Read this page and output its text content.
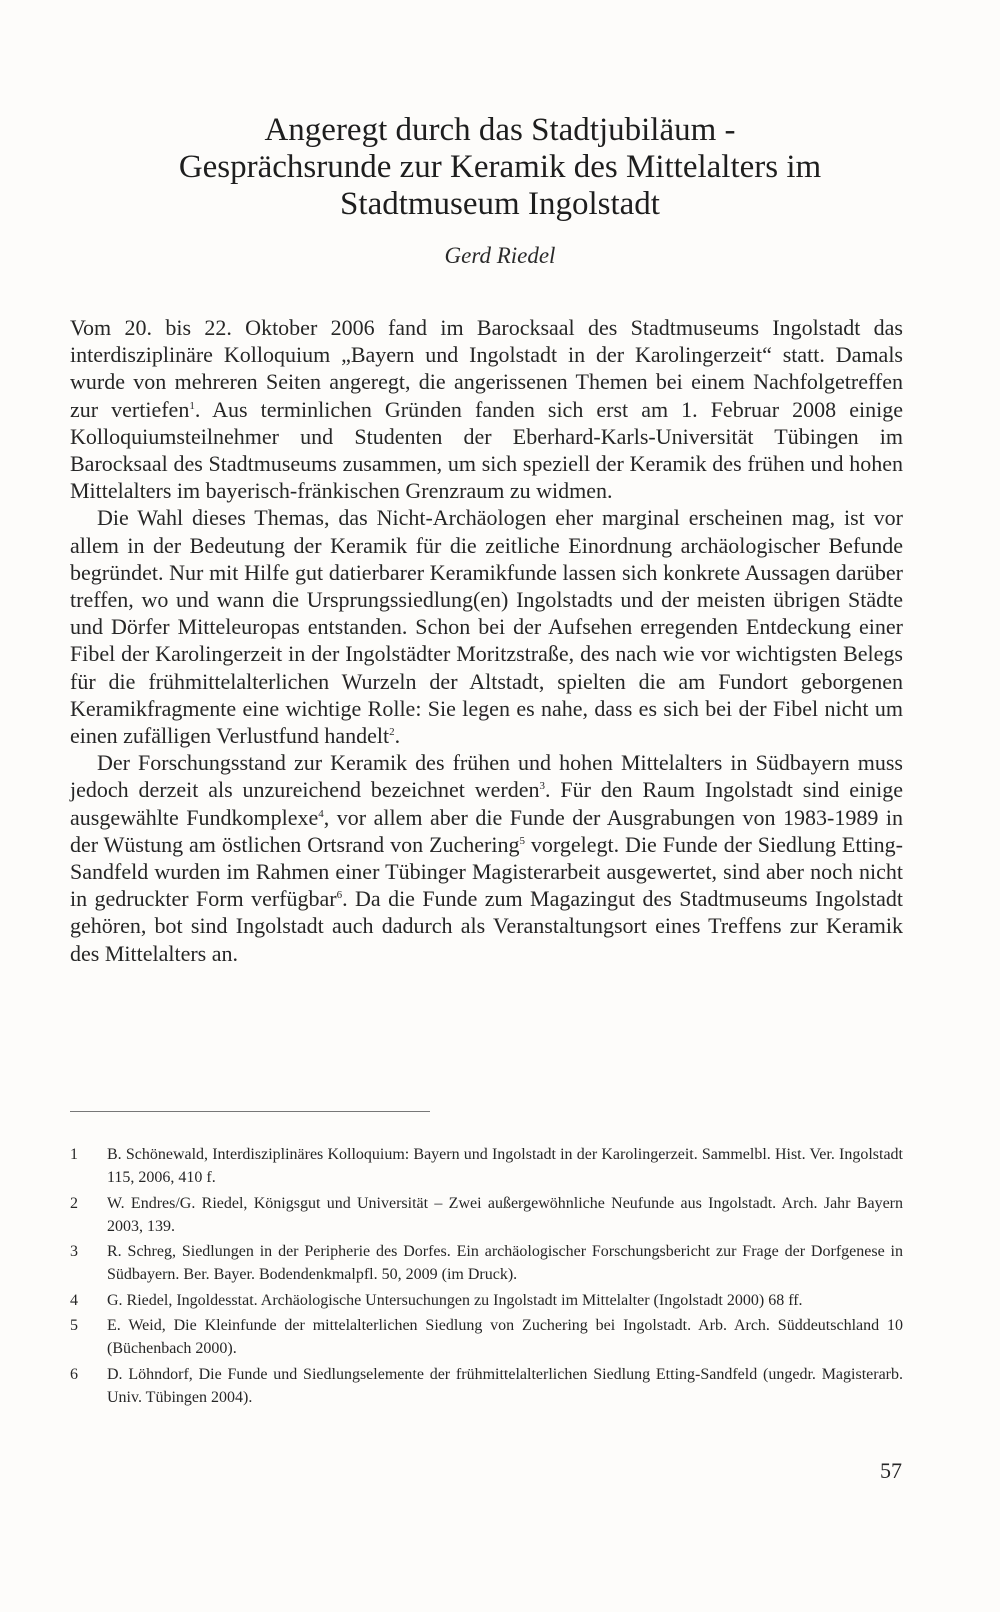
Angeregt durch das Stadtjubiläum -
Gesprächsrunde zur Keramik des Mittelalters im
Stadtmuseum Ingolstadt
Gerd Riedel

Vom 20. bis 22. Oktober 2006 fand im Barocksaal des Stadtmuseums Ingolstadt das interdisziplinäre Kolloquium „Bayern und Ingolstadt in der Karolingerzeit“ statt. Damals wurde von mehreren Seiten angeregt, die angerissenen Themen bei einem Nachfolgetreffen zur vertiefen$^1$. Aus terminlichen Gründen fanden sich erst am 1. Februar 2008 einige Kolloquiumsteilnehmer und Studenten der Eberhard-Karls-Universität Tübingen im Barocksaal des Stadtmuseums zusammen, um sich speziell der Keramik des frühen und hohen Mittelalters im bayerisch-fränkischen Grenzraum zu widmen.

Die Wahl dieses Themas, das Nicht-Archäologen eher marginal erscheinen mag, ist vor allem in der Bedeutung der Keramik für die zeitliche Einordnung archäologischer Befunde begründet. Nur mit Hilfe gut datierbarer Keramikfunde lassen sich konkrete Aussagen darüber treffen, wo und wann die Ursprungssiedlung(en) Ingolstadts und der meisten übrigen Städte und Dörfer Mitteleuropas entstanden. Schon bei der Aufsehen erregenden Entdeckung einer Fibel der Karolingerzeit in der Ingolstädter Moritzstraße, des nach wie vor wichtigsten Belegs für die frühmittelalterlichen Wurzeln der Altstadt, spielten die am Fundort geborgenen Keramikfragmente eine wichtige Rolle: Sie legen es nahe, dass es sich bei der Fibel nicht um einen zufälligen Verlustfund handelt$^2$.

Der Forschungsstand zur Keramik des frühen und hohen Mittelalters in Südbayern muss jedoch derzeit als unzureichend bezeichnet werden$^3$. Für den Raum Ingolstadt sind einige ausgewählte Fundkomplexe$^4$, vor allem aber die Funde der Ausgrabungen von 1983-1989 in der Wüstung am östlichen Ortsrand von Zuchering$^5$ vorgelegt. Die Funde der Siedlung Etting-Sandfeld wurden im Rahmen einer Tübinger Magisterarbeit ausgewertet, sind aber noch nicht in gedruckter Form verfügbar$^6$. Da die Funde zum Magazingut des Stadtmuseums Ingolstadt gehören, bot sind Ingolstadt auch dadurch als Veranstaltungsort eines Treffens zur Keramik des Mittelalters an.

1 B. Schönewald, Interdisziplinäres Kolloquium: Bayern und Ingolstadt in der Karolingerzeit. Sammelbl. Hist. Ver. Ingolstadt 115, 2006, 410 f.
2 W. Endres/G. Riedel, Königsgut und Universität – Zwei außergewöhnliche Neufunde aus Ingolstadt. Arch. Jahr Bayern 2003, 139.
3 R. Schreg, Siedlungen in der Peripherie des Dorfes. Ein archäologischer Forschungsbericht zur Frage der Dorfgenese in Südbayern. Ber. Bayer. Bodendenkmalpfl. 50, 2009 (im Druck).
4 G. Riedel, Ingoldesstat. Archäologische Untersuchungen zu Ingolstadt im Mittelalter (Ingolstadt 2000) 68 ff.
5 E. Weid, Die Kleinfunde der mittelalterlichen Siedlung von Zuchering bei Ingolstadt. Arb. Arch. Süddeutschland 10 (Büchenbach 2000).
6 D. Löhndorf, Die Funde und Siedlungselemente der frühmittelalterlichen Siedlung Etting-Sandfeld (ungedr. Magisterarb. Univ. Tübingen 2004).
57
